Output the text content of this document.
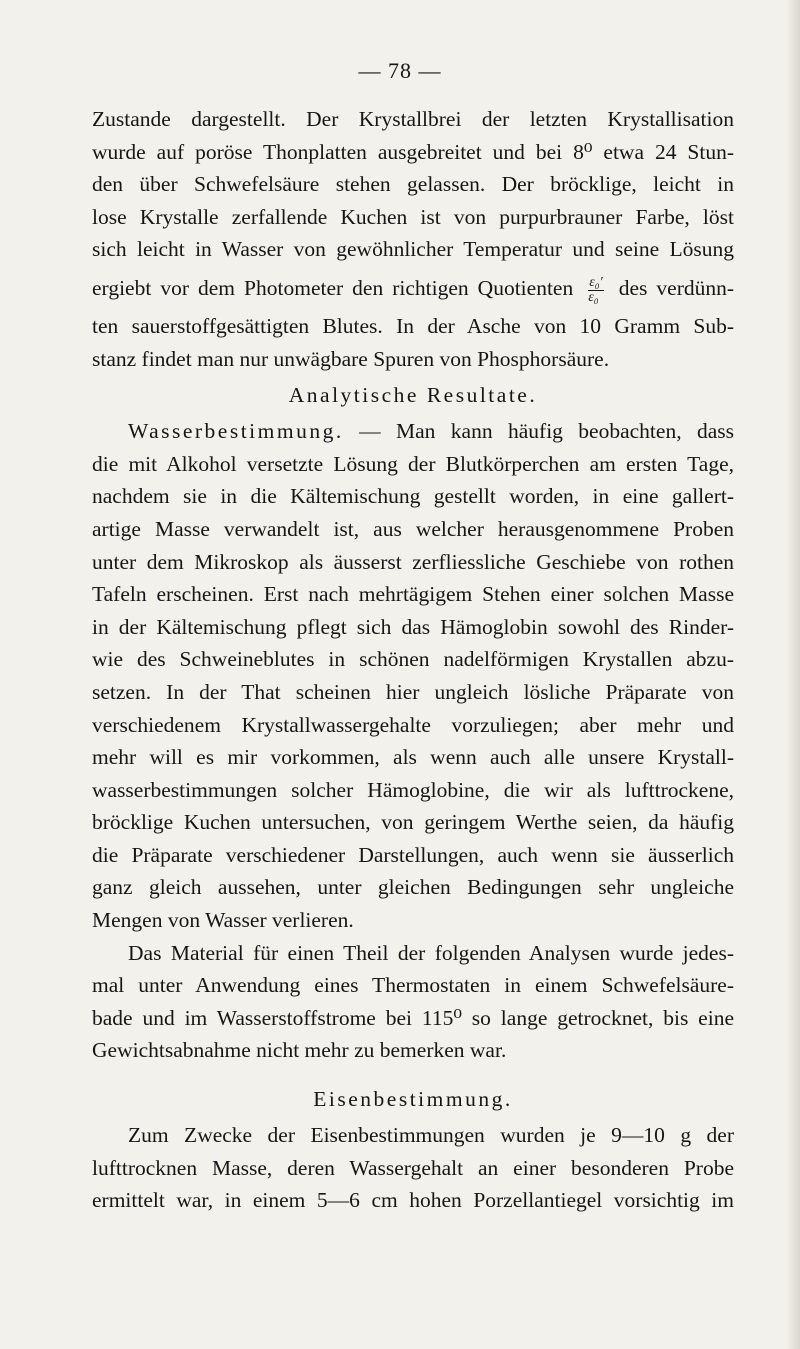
— 78 —
Zustande dargestellt. Der Krystallbrei der letzten Krystallisation
wurde auf poröse Thonplatten ausgebreitet und bei 8⁰ etwa 24 Stun-
den über Schwefelsäure stehen gelassen. Der bröcklige, leicht in
lose Krystalle zerfallende Kuchen ist von purpurbrauner Farbe, löst
sich leicht in Wasser von gewöhnlicher Temperatur und seine Lösung
ergiebt vor dem Photometer den richtigen Quotienten $\frac{\text{ε₀′}}{\text{ε₀}}$ des verdünn-
ten sauerstoffgesättigten Blutes. In der Asche von 10 Gramm Sub-
stanz findet man nur unwägbare Spuren von Phosphorsäure.
Analytische Resultate.
Wasserbestimmung. — Man kann häufig beobachten, dass
die mit Alkohol versetzte Lösung der Blutkörperchen am ersten Tage,
nachdem sie in die Kältemischung gestellt worden, in eine gallert-
artige Masse verwandelt ist, aus welcher herausgenommene Proben
unter dem Mikroskop als äusserst zerfliessliche Geschiebe von rothen
Tafeln erscheinen. Erst nach mehrtägigem Stehen einer solchen Masse
in der Kältemischung pflegt sich das Hämoglobin sowohl des Rinder-
wie des Schweineblutes in schönen nadelförmigen Krystallen abzu-
setzen. In der That scheinen hier ungleich lösliche Präparate von
verschiedenem Krystallwassergehalte vorzuliegen; aber mehr und
mehr will es mir vorkommen, als wenn auch alle unsere Krystall-
wasserbestimmungen solcher Hämoglobine, die wir als lufttrockene,
bröcklige Kuchen untersuchen, von geringem Werthe seien, da häufig
die Präparate verschiedener Darstellungen, auch wenn sie äusserlich
ganz gleich aussehen, unter gleichen Bedingungen sehr ungleiche
Mengen von Wasser verlieren.
Das Material für einen Theil der folgenden Analysen wurde jedes-
mal unter Anwendung eines Thermostaten in einem Schwefelsäure-
bade und im Wasserstoffstrome bei 115⁰ so lange getrocknet, bis eine
Gewichtsabnahme nicht mehr zu bemerken war.
Eisenbestimmung.
Zum Zwecke der Eisenbestimmungen wurden je 9—10 g der
lufttrocknen Masse, deren Wassergehalt an einer besonderen Probe
ermittelt war, in einem 5—6 cm hohen Porzellantiegel vorsichtig im
